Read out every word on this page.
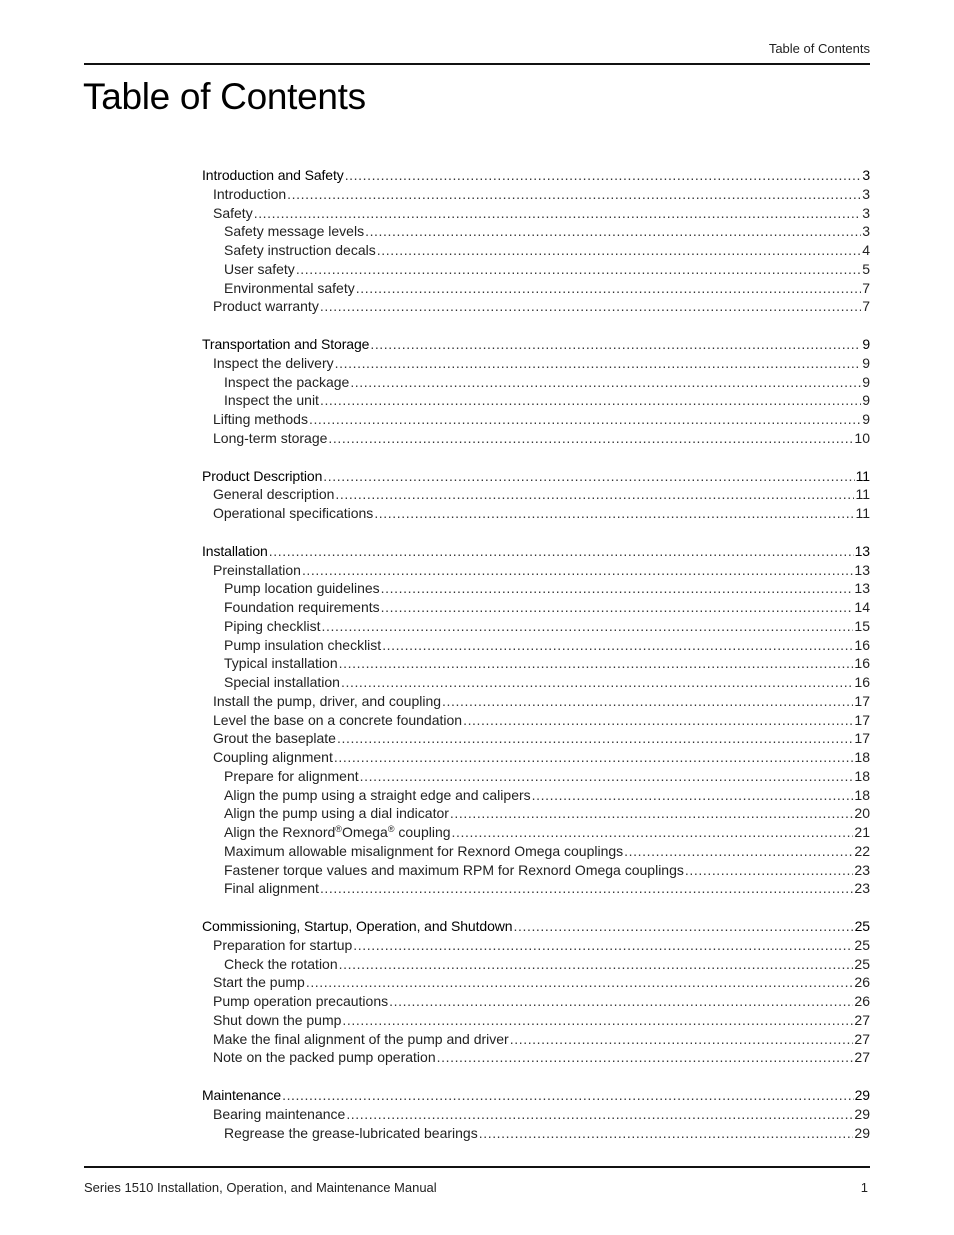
Table of Contents
Table of Contents
Introduction and Safety .....	3
Introduction .....	3
Safety .....	3
Safety message levels .....	3
Safety instruction decals .....	4
User safety .....	5
Environmental safety .....	7
Product warranty .....	7
Transportation and Storage .....	9
Inspect the delivery .....	9
Inspect the package .....	9
Inspect the unit .....	9
Lifting methods .....	9
Long-term storage .....	10
Product Description .....	11
General description .....	11
Operational specifications .....	11
Installation .....	13
Preinstallation .....	13
Pump location guidelines .....	13
Foundation requirements .....	14
Piping checklist .....	15
Pump insulation checklist .....	16
Typical installation .....	16
Special installation .....	16
Install the pump, driver, and coupling .....	17
Level the base on a concrete foundation .....	17
Grout the baseplate .....	17
Coupling alignment .....	18
Prepare for alignment .....	18
Align the pump using a straight edge and calipers .....	18
Align the pump using a dial indicator .....	20
Align the Rexnord®Omega® coupling .....	21
Maximum allowable misalignment for Rexnord Omega couplings .....	22
Fastener torque values and maximum RPM for Rexnord Omega couplings .....	23
Final alignment .....	23
Commissioning, Startup, Operation, and Shutdown .....	25
Preparation for startup .....	25
Check the rotation .....	25
Start the pump .....	26
Pump operation precautions .....	26
Shut down the pump .....	27
Make the final alignment of the pump and driver .....	27
Note on the packed pump operation .....	27
Maintenance .....	29
Bearing maintenance .....	29
Regrease the grease-lubricated bearings .....	29
Series 1510 Installation, Operation, and Maintenance Manual	1
